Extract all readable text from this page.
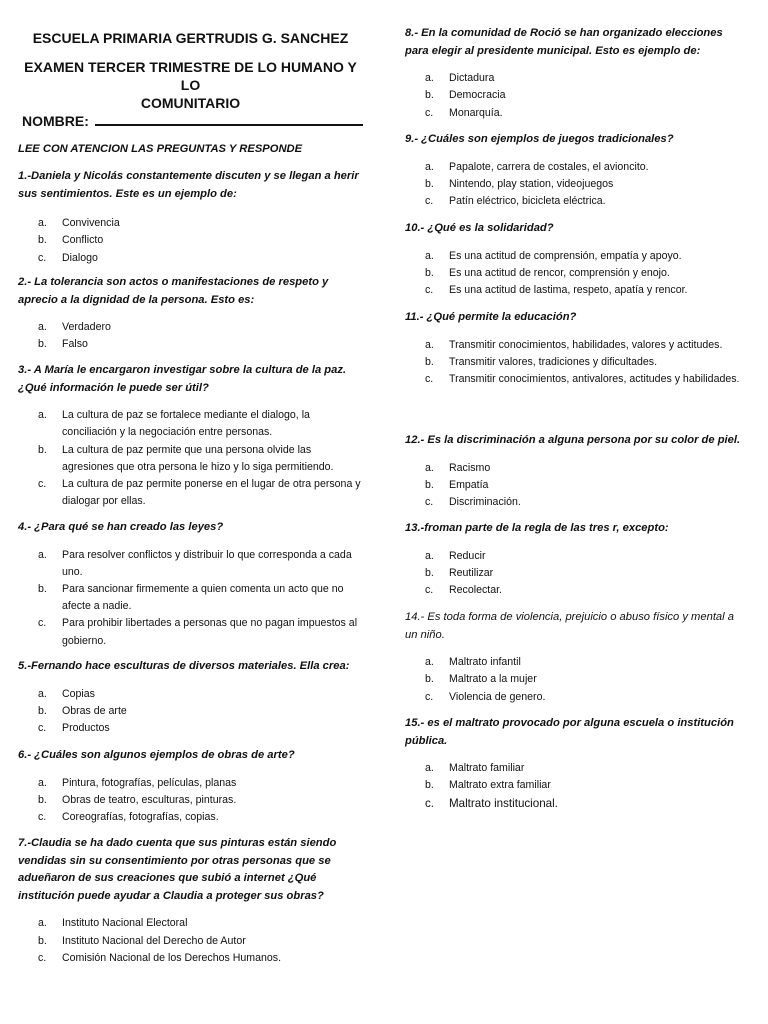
ESCUELA PRIMARIA GERTRUDIS G. SANCHEZ
EXAMEN TERCER TRIMESTRE DE LO HUMANO Y LO
COMUNITARIO
NOMBRE:
LEE CON ATENCION LAS PREGUNTAS Y RESPONDE
1.-Daniela y Nicolás constantemente discuten y se llegan a herir sus sentimientos. Este es un ejemplo de:
a.	Convivencia
b.	Conflicto
c.	Dialogo
2.- La tolerancia son actos o manifestaciones de respeto y aprecio a la dignidad de la persona. Esto es:
a.	Verdadero
b.	Falso
3.- A María le encargaron investigar sobre la cultura de la paz. ¿Qué información le puede ser útil?
a.	La cultura de paz se fortalece mediante el dialogo, la conciliación y la negociación entre personas.
b.	La cultura de paz permite que una persona olvide las agresiones que otra persona le hizo y lo siga permitiendo.
c.	La cultura de paz permite ponerse en el lugar de otra persona y dialogar por ellas.
4.- ¿Para qué se han creado las leyes?
a.	Para resolver conflictos y distribuir lo que corresponda a cada uno.
b.	Para sancionar firmemente a quien comenta un acto que no afecte a nadie.
c.	Para prohibir libertades a personas que no pagan impuestos al gobierno.
5.-Fernando hace esculturas de diversos materiales. Ella crea:
a.	Copias
b.	Obras de arte
c.	Productos
6.- ¿Cuáles son algunos ejemplos de obras de arte?
a.	Pintura, fotografías, películas, planas
b.	Obras de teatro, esculturas, pinturas.
c.	Coreografías, fotografías, copias.
7.-Claudia se ha dado cuenta que sus pinturas están siendo vendidas sin su consentimiento por otras personas que se adueñaron de sus creaciones que subió a internet ¿Qué institución puede ayudar a Claudia a proteger sus obras?
a.	Instituto Nacional Electoral
b.	Instituto Nacional del Derecho de Autor
c.	Comisión Nacional de los Derechos Humanos.
8.- En la comunidad de Roció se han organizado elecciones para elegir al presidente municipal. Esto es ejemplo de:
a.	Dictadura
b.	Democracia
c.	Monarquía.
9.- ¿Cuáles son ejemplos de juegos tradicionales?
a.	Papalote, carrera de costales, el avioncito.
b.	Nintendo, play station, videojuegos
c.	Patín eléctrico, bicicleta eléctrica.
10.- ¿Qué es la solidaridad?
a.	Es una actitud de comprensión, empatía y apoyo.
b.	Es una actitud de rencor, comprensión y enojo.
c.	Es una actitud de lastima, respeto, apatía y rencor.
11.- ¿Qué permite la educación?
a.	Transmitir conocimientos, habilidades, valores y actitudes.
b.	Transmitir valores, tradiciones y dificultades.
c.	Transmitir conocimientos, antivalores, actitudes y habilidades.
12.- Es la discriminación a alguna persona por su color de piel.
a.	Racismo
b.	Empatía
c.	Discriminación.
13.-froman parte de la regla de las tres r, excepto:
a.	Reducir
b.	Reutilizar
c.	Recolectar.
14.- Es toda forma de violencia, prejuicio o abuso físico y mental a un niño.
a.	Maltrato infantil
b.	Maltrato a la mujer
c.	Violencia de genero.
15.- es el maltrato provocado por alguna escuela o institución pública.
a.	Maltrato familiar
b.	Maltrato extra familiar
c.	Maltrato institucional.
